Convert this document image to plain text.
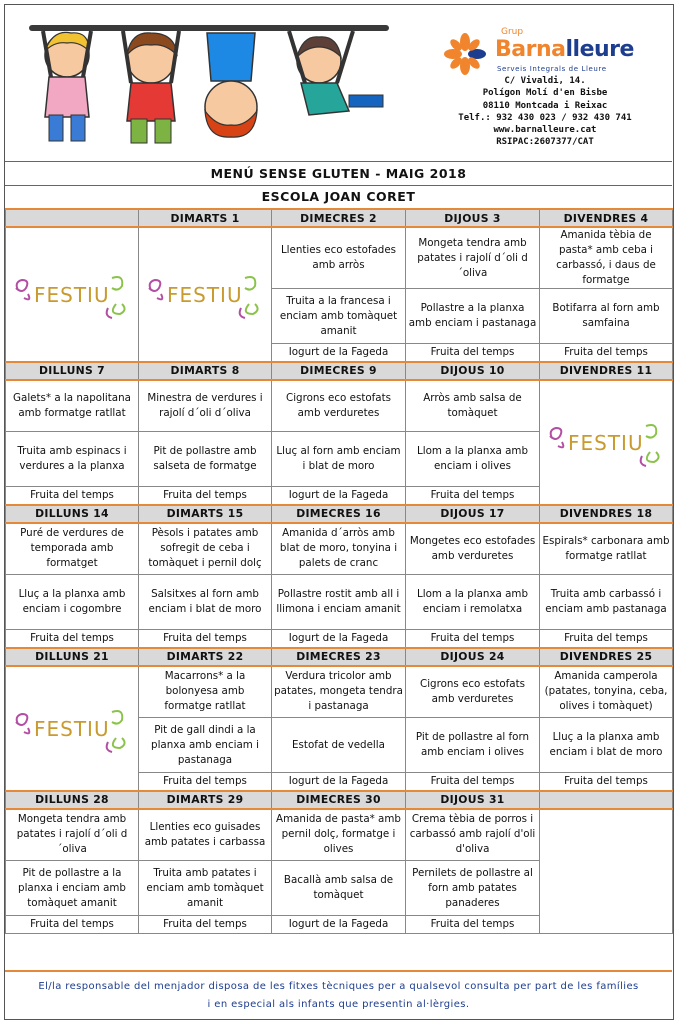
Grup
Barnalleure
Serveis Integrals de Lleure
C/ Vivaldi, 14.
Polígon Molí d'en Bisbe
08110 Montcada i Reixac
Telf.: 932 430 023 / 932 430 741
www.barnalleure.cat
RSIPAC:2607377/CAT
MENÚ SENSE GLUTEN - MAIG 2018
ESCOLA JOAN CORET
	DIMARTS 1	DIMECRES 2	DIJOUS 3	DIVENDRES 4

FESTIU	FESTIU	Llenties eco estofades amb arròs	Mongeta tendra amb patates i rajolí d´oli d´oliva	Amanida tèbia de pasta* amb ceba i carbassó, i daus de formatge
		Truita a la francesa i enciam amb tomàquet amanit	Pollastre a la planxa amb enciam i pastanaga	Botifarra al forn amb samfaina
		Iogurt de la Fageda	Fruita del temps	Fruita del temps
DILLUNS 7	DIMARTS 8	DIMECRES 9	DIJOUS 10	DIVENDRES 11
Galets* a la napolitana amb formatge ratllat	Minestra de verdures i rajolí d´oli d´oliva	Cigrons eco estofats amb verduretes	Arròs amb salsa de tomàquet	FESTIU

Truita amb espinacs i verdures a la planxa	Pit de pollastre amb salseta de formatge	Lluç al forn amb enciam i blat de moro	Llom a la planxa amb enciam i olives	
Fruita del temps	Fruita del temps	Iogurt de la Fageda	Fruita del temps	
DILLUNS 14	DIMARTS 15	DIMECRES 16	DIJOUS 17	DIVENDRES 18
Puré de verdures de temporada amb formatget	Pèsols i patates amb sofregit de ceba i tomàquet i pernil dolç	Amanida d´arròs amb blat de moro, tonyina i palets de cranc	Mongetes eco estofades amb verduretes	Espirals* carbonara amb formatge ratllat
Lluç a la planxa amb enciam i cogombre	Salsitxes al forn amb enciam i blat de moro	Pollastre rostit amb all i llimona i enciam amanit	Llom a la planxa amb enciam i remolatxa	Truita amb carbassó i enciam amb pastanaga
Fruita del temps	Fruita del temps	Iogurt de la Fageda	Fruita del temps	Fruita del temps
DILLUNS 21	DIMARTS 22	DIMECRES 23	DIJOUS 24	DIVENDRES 25

FESTIU	Macarrons* a la bolonyesa amb formatge ratllat	Verdura tricolor amb patates, mongeta tendra i pastanaga	Cigrons eco estofats amb verduretes	Amanida camperola (patates, tonyina, ceba, olives i tomàquet)
	Pit de gall dindi a la planxa amb enciam i pastanaga	Estofat de vedella	Pit de pollastre al forn amb enciam i olives	Lluç a la planxa amb enciam i blat de moro
	Fruita del temps	Iogurt de la Fageda	Fruita del temps	Fruita del temps
DILLUNS 28	DIMARTS 29	DIMECRES 30	DIJOUS 31	
Mongeta tendra amb patates i rajolí d´oli d´oliva	Llenties eco guisades amb patates i carbassa	Amanida de pasta* amb pernil dolç, formatge i olives	Crema tèbia de porros i carbassó amb rajolí d'oli d'oliva	
Pit de pollastre a la planxa i enciam amb tomàquet amanit	Truita amb patates i enciam amb tomàquet amanit	Bacallà amb salsa de tomàquet	Pernilets de pollastre al forn amb patates panaderes	
Fruita del temps	Fruita del temps	Iogurt de la Fageda	Fruita del temps	
El/la responsable del menjador disposa de les fitxes tècniques per a qualsevol consulta per part de les famílies
i en especial als infants que presentin al·lèrgies.
